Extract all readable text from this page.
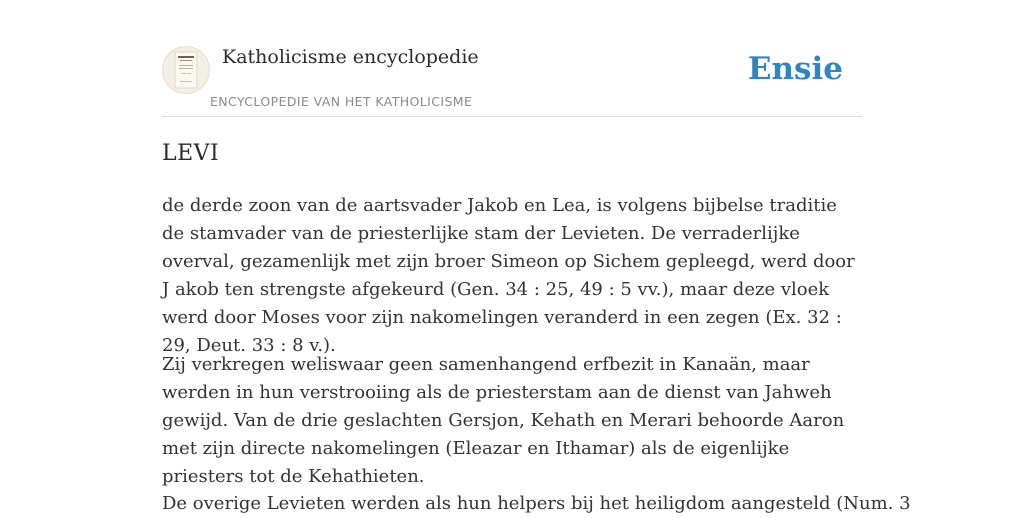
Katholicisme encyclopedie
ENCYCLOPEDIE VAN HET KATHOLICISME
Ensie
LEVI

de derde zoon van de aartsvader Jakob en Lea, is volgens bijbelse traditie de stamvader van de priesterlijke stam der Levieten. De verraderlijke overval, gezamenlijk met zijn broer Simeon op Sichem gepleegd, werd door J akob ten strengste afgekeurd (Gen. 34 : 25, 49 : 5 vv.), maar deze vloek werd door Moses voor zijn nakomelingen veranderd in een zegen (Ex. 32 : 29, Deut. 33 : 8 v.).

Zij verkregen weliswaar geen samenhangend erfbezit in Kanaän, maar werden in hun verstrooiing als de priesterstam aan de dienst van Jahweh gewijd. Van de drie geslachten Gersjon, Kehath en Merari behoorde Aaron met zijn directe nakomelingen (Eleazar en Ithamar) als de eigenlijke priesters tot de Kehathieten.

De overige Levieten werden als hun helpers bij het heiligdom aangesteld (Num. 3
